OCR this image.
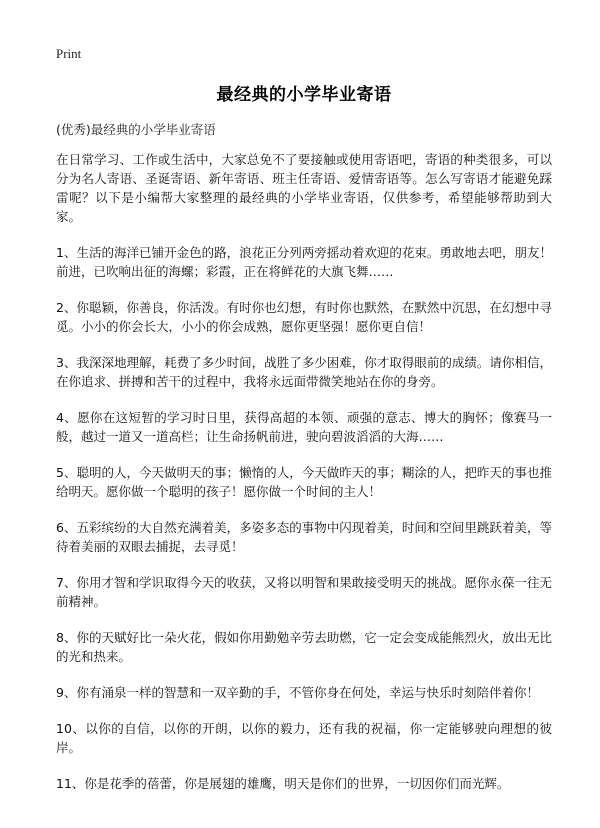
Print
最经典的小学毕业寄语
(优秀)最经典的小学毕业寄语

在日常学习、工作或生活中，大家总免不了要接触或使用寄语吧，寄语的种类很多，可以分为名人寄语、圣诞寄语、新年寄语、班主任寄语、爱情寄语等。怎么写寄语才能避免踩雷呢？以下是小编帮大家整理的最经典的小学毕业寄语，仅供参考，希望能够帮助到大家。

1、生活的海洋已铺开金色的路，浪花正分列两旁摇动着欢迎的花束。勇敢地去吧，朋友！前进，已吹响出征的海螺；彩霞，正在将鲜花的大旗飞舞……

2、你聪颖，你善良，你活泼。有时你也幻想，有时你也默然，在默然中沉思，在幻想中寻觅。小小的你会长大，小小的你会成熟，愿你更坚强！愿你更自信！

3、我深深地理解，耗费了多少时间，战胜了多少困难，你才取得眼前的成绩。请你相信，在你追求、拼搏和苦干的过程中，我将永远面带微笑地站在你的身旁。

4、愿你在这短暂的学习时日里，获得高超的本领、顽强的意志、博大的胸怀；像赛马一般，越过一道又一道高栏；让生命扬帆前进，驶向碧波滔滔的大海……

5、聪明的人，今天做明天的事；懒惰的人，今天做昨天的事；糊涂的人，把昨天的事也推给明天。愿你做一个聪明的孩子！愿你做一个时间的主人！

6、五彩缤纷的大自然充满着美，多姿多态的事物中闪现着美，时间和空间里跳跃着美，等待着美丽的双眼去捕捉，去寻觅！

7、你用才智和学识取得今天的收获，又将以明智和果敢接受明天的挑战。愿你永葆一往无前精神。

8、你的天赋好比一朵火花，假如你用勤勉辛劳去助燃，它一定会变成能熊烈火，放出无比的光和热来。

9、你有涌泉一样的智慧和一双辛勤的手，不管你身在何处，幸运与快乐时刻陪伴着你！

10、以你的自信，以你的开朗，以你的毅力，还有我的祝福，你一定能够驶向理想的彼岸。

11、你是花季的蓓蕾，你是展翅的雄鹰，明天是你们的世界，一切因你们而光辉。
